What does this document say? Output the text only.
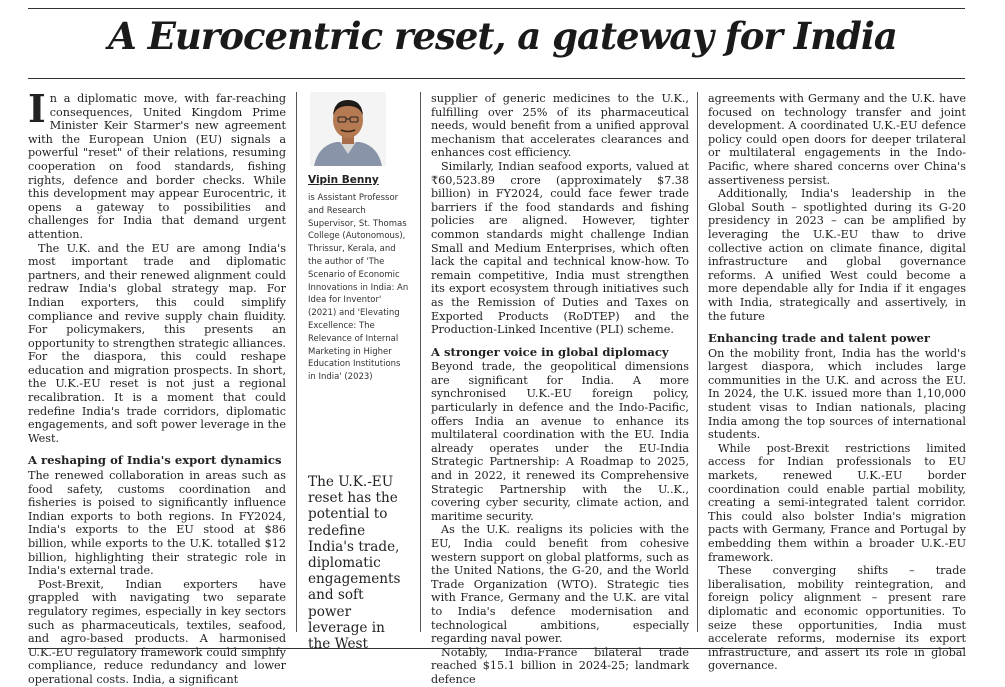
A Eurocentric reset, a gateway for India

In a diplomatic move, with far-reaching consequences, United Kingdom Prime Minister Keir Starmer's new agreement with the European Union (EU) signals a powerful "reset" of their relations, resuming cooperation on food standards, fishing rights, defence and border checks. While this development may appear Eurocentric, it opens a gateway to possibilities and challenges for India that demand urgent attention.

The U.K. and the EU are among India's most important trade and diplomatic partners, and their renewed alignment could redraw India's global strategy map. For Indian exporters, this could simplify compliance and revive supply chain fluidity. For policymakers, this presents an opportunity to strengthen strategic alliances. For the diaspora, this could reshape education and migration prospects. In short, the U.K.-EU reset is not just a regional recalibration. It is a moment that could redefine India's trade corridors, diplomatic engagements, and soft power leverage in the West.

A reshaping of India's export dynamics

The renewed collaboration in areas such as food safety, customs coordination and fisheries is poised to significantly influence Indian exports to both regions. In FY2024, India's exports to the EU stood at $86 billion, while exports to the U.K. totalled $12 billion, highlighting their strategic role in India's external trade.

Post-Brexit, Indian exporters have grappled with navigating two separate regulatory regimes, especially in key sectors such as pharmaceuticals, textiles, seafood, and agro-based products. A harmonised U.K.-EU regulatory framework could simplify compliance, reduce redundancy and lower operational costs. India, a significant

Vipin Benny
is Assistant Professor and Research Supervisor, St. Thomas College (Autonomous), Thrissur, Kerala, and the author of 'The Scenario of Economic Innovations in India: An Idea for Inventor' (2021) and 'Elevating Excellence: The Relevance of Internal Marketing in Higher Education Institutions in India' (2023)
The U.K.-EU reset has the potential to redefine India's trade, diplomatic engagements and soft power leverage in the West

supplier of generic medicines to the U.K., fulfilling over 25% of its pharmaceutical needs, would benefit from a unified approval mechanism that accelerates clearances and enhances cost efficiency.

Similarly, Indian seafood exports, valued at ₹60,523.89 crore (approximately $7.38 billion) in FY2024, could face fewer trade barriers if the food standards and fishing policies are aligned. However, tighter common standards might challenge Indian Small and Medium Enterprises, which often lack the capital and technical know-how. To remain competitive, India must strengthen its export ecosystem through initiatives such as the Remission of Duties and Taxes on Exported Products (RoDTEP) and the Production-Linked Incentive (PLI) scheme.

A stronger voice in global diplomacy

Beyond trade, the geopolitical dimensions are significant for India. A more synchronised U.K.-EU foreign policy, particularly in defence and the Indo-Pacific, offers India an avenue to enhance its multilateral coordination with the EU. India already operates under the EU-India Strategic Partnership: A Roadmap to 2025, and in 2022, it renewed its Comprehensive Strategic Partnership with the U..K., covering cyber security, climate action, and maritime security.

As the U.K. realigns its policies with the EU, India could benefit from cohesive western support on global platforms, such as the United Nations, the G-20, and the World Trade Organization (WTO). Strategic ties with France, Germany and the U.K. are vital to India's defence modernisation and technological ambitions, especially regarding naval power.

Notably, India-France bilateral trade reached $15.1 billion in 2024-25; landmark defence

agreements with Germany and the U.K. have focused on technology transfer and joint development. A coordinated U.K.-EU defence policy could open doors for deeper trilateral or multilateral engagements in the Indo-Pacific, where shared concerns over China's assertiveness persist.

Additionally, India's leadership in the Global South – spotlighted during its G-20 presidency in 2023 – can be amplified by leveraging the U.K.-EU thaw to drive collective action on climate finance, digital infrastructure and global governance reforms. A unified West could become a more dependable ally for India if it engages with India, strategically and assertively, in the future

Enhancing trade and talent power

On the mobility front, India has the world's largest diaspora, which includes large communities in the U.K. and across the EU. In 2024, the U.K. issued more than 1,10,000 student visas to Indian nationals, placing India among the top sources of international students.

While post-Brexit restrictions limited access for Indian professionals to EU markets, renewed U.K.-EU border coordination could enable partial mobility, creating a semi-integrated talent corridor. This could also bolster India's migration pacts with Germany, France and Portugal by embedding them within a broader U.K.-EU framework.

These converging shifts – trade liberalisation, mobility reintegration, and foreign policy alignment – present rare diplomatic and economic opportunities. To seize these opportunities, India must accelerate reforms, modernise its export infrastructure, and assert its role in global governance.
